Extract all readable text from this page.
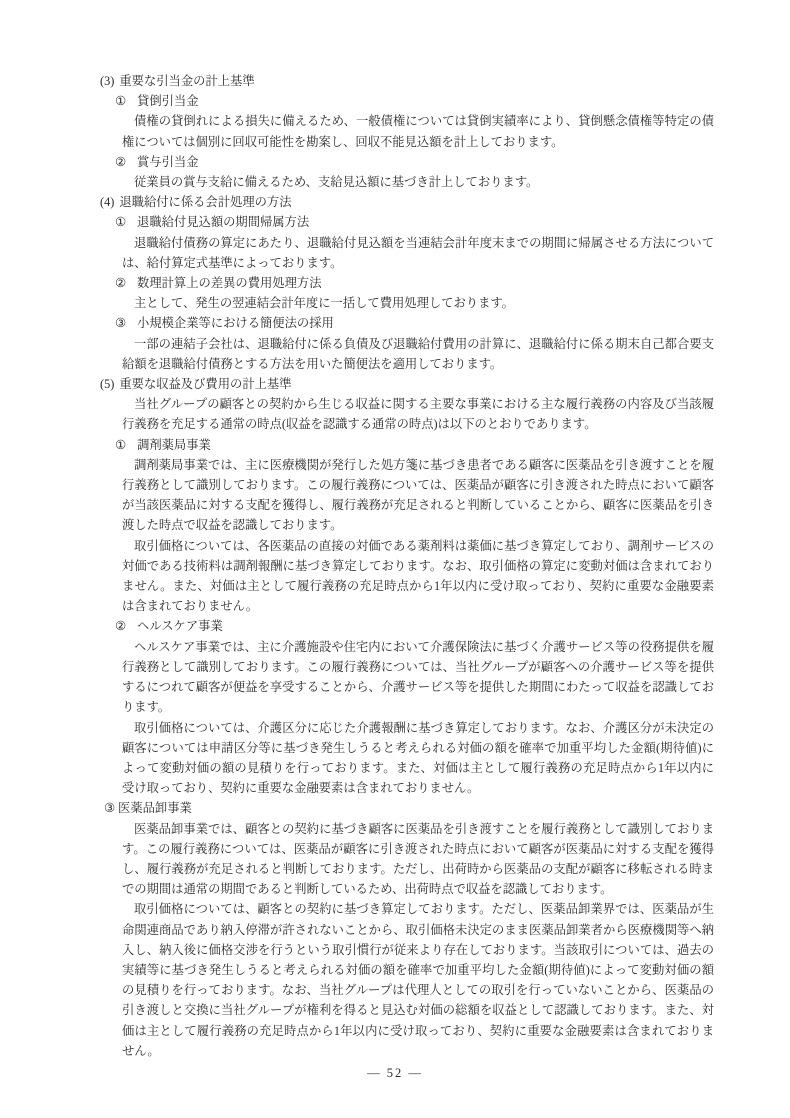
(3) 重要な引当金の計上基準
① 貸倒引当金
債権の貸倒れによる損失に備えるため、一般債権については貸倒実績率により、貸倒懸念債権等特定の債権については個別に回収可能性を勘案し、回収不能見込額を計上しております。
② 賞与引当金
従業員の賞与支給に備えるため、支給見込額に基づき計上しております。
(4) 退職給付に係る会計処理の方法
① 退職給付見込額の期間帰属方法
退職給付債務の算定にあたり、退職給付見込額を当連結会計年度末までの期間に帰属させる方法については、給付算定式基準によっております。
② 数理計算上の差異の費用処理方法
主として、発生の翌連結会計年度に一括して費用処理しております。
③ 小規模企業等における簡便法の採用
一部の連結子会社は、退職給付に係る負債及び退職給付費用の計算に、退職給付に係る期末自己都合要支給額を退職給付債務とする方法を用いた簡便法を適用しております。
(5) 重要な収益及び費用の計上基準
当社グループの顧客との契約から生じる収益に関する主要な事業における主な履行義務の内容及び当該履行義務を充足する通常の時点(収益を認識する通常の時点)は以下のとおりであります。
① 調剤薬局事業
調剤薬局事業では、主に医療機関が発行した処方箋に基づき患者である顧客に医薬品を引き渡すことを履行義務として識別しております。この履行義務については、医薬品が顧客に引き渡された時点において顧客が当該医薬品に対する支配を獲得し、履行義務が充足されると判断していることから、顧客に医薬品を引き渡した時点で収益を認識しております。
取引価格については、各医薬品の直接の対価である薬剤料は薬価に基づき算定しており、調剤サービスの対価である技術料は調剤報酬に基づき算定しております。なお、取引価格の算定に変動対価は含まれておりません。また、対価は主として履行義務の充足時点から1年以内に受け取っており、契約に重要な金融要素は含まれておりません。
② ヘルスケア事業
ヘルスケア事業では、主に介護施設や住宅内において介護保険法に基づく介護サービス等の役務提供を履行義務として識別しております。この履行義務については、当社グループが顧客への介護サービス等を提供するにつれて顧客が便益を享受することから、介護サービス等を提供した期間にわたって収益を認識しております。
取引価格については、介護区分に応じた介護報酬に基づき算定しております。なお、介護区分が未決定の顧客については申請区分等に基づき発生しうると考えられる対価の額を確率で加重平均した金額(期待値)によって変動対価の額の見積りを行っております。また、対価は主として履行義務の充足時点から1年以内に受け取っており、契約に重要な金融要素は含まれておりません。
③ 医薬品卸事業
医薬品卸事業では、顧客との契約に基づき顧客に医薬品を引き渡すことを履行義務として識別しております。この履行義務については、医薬品が顧客に引き渡された時点において顧客が医薬品に対する支配を獲得し、履行義務が充足されると判断しております。ただし、出荷時から医薬品の支配が顧客に移転される時までの期間は通常の期間であると判断しているため、出荷時点で収益を認識しております。
取引価格については、顧客との契約に基づき算定しております。ただし、医薬品卸業界では、医薬品が生命関連商品であり納入停滞が許されないことから、取引価格未決定のまま医薬品卸業者から医療機関等へ納入し、納入後に価格交渉を行うという取引慣行が従来より存在しております。当該取引については、過去の実績等に基づき発生しうると考えられる対価の額を確率で加重平均した金額(期待値)によって変動対価の額の見積りを行っております。なお、当社グループは代理人としての取引を行っていないことから、医薬品の引き渡しと交換に当社グループが権利を得ると見込む対価の総額を収益として認識しております。また、対価は主として履行義務の充足時点から1年以内に受け取っており、契約に重要な金融要素は含まれておりません。
― 52 ―
